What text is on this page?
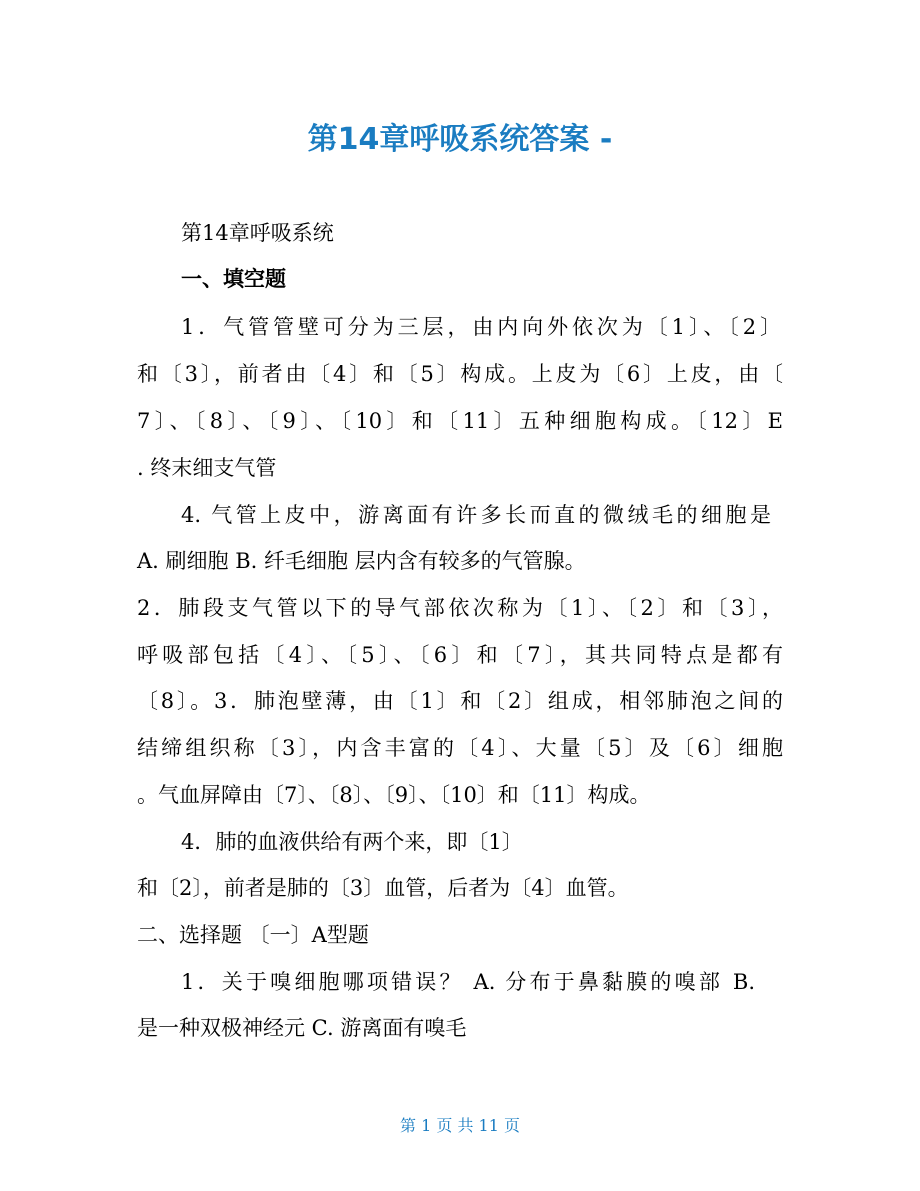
第14章呼吸系统答案 -
第14章呼吸系统
一、填空题
1．气管管壁可分为三层，由内向外依次为〔1〕、〔2〕
和〔3〕，前者由〔4〕和〔5〕构成。上皮为〔6〕上皮，由〔
7〕、〔8〕、〔9〕、〔10〕和〔11〕五种细胞构成。〔12〕E
. 终末细支气管
4. 气管上皮中，游离面有许多长而直的微绒毛的细胞是
A. 刷细胞 B. 纤毛细胞 层内含有较多的气管腺。
2．肺段支气管以下的导气部依次称为〔1〕、〔2〕和〔3〕，
呼吸部包括〔4〕、〔5〕、〔6〕和〔7〕，其共同特点是都有
〔8〕。3．肺泡壁薄，由〔1〕和〔2〕组成，相邻肺泡之间的
结缔组织称〔3〕，内含丰富的〔4〕、大量〔5〕及〔6〕细胞
。气血屏障由〔7〕、〔8〕、〔9〕、〔10〕和〔11〕构成。
4．肺的血液供给有两个来，即〔1〕
和〔2〕，前者是肺的〔3〕血管，后者为〔4〕血管。
二、选择题 〔一〕A型题
1．关于嗅细胞哪项错误？ A. 分布于鼻黏膜的嗅部 B.
是一种双极神经元 C. 游离面有嗅毛
第 1 页 共 11 页
